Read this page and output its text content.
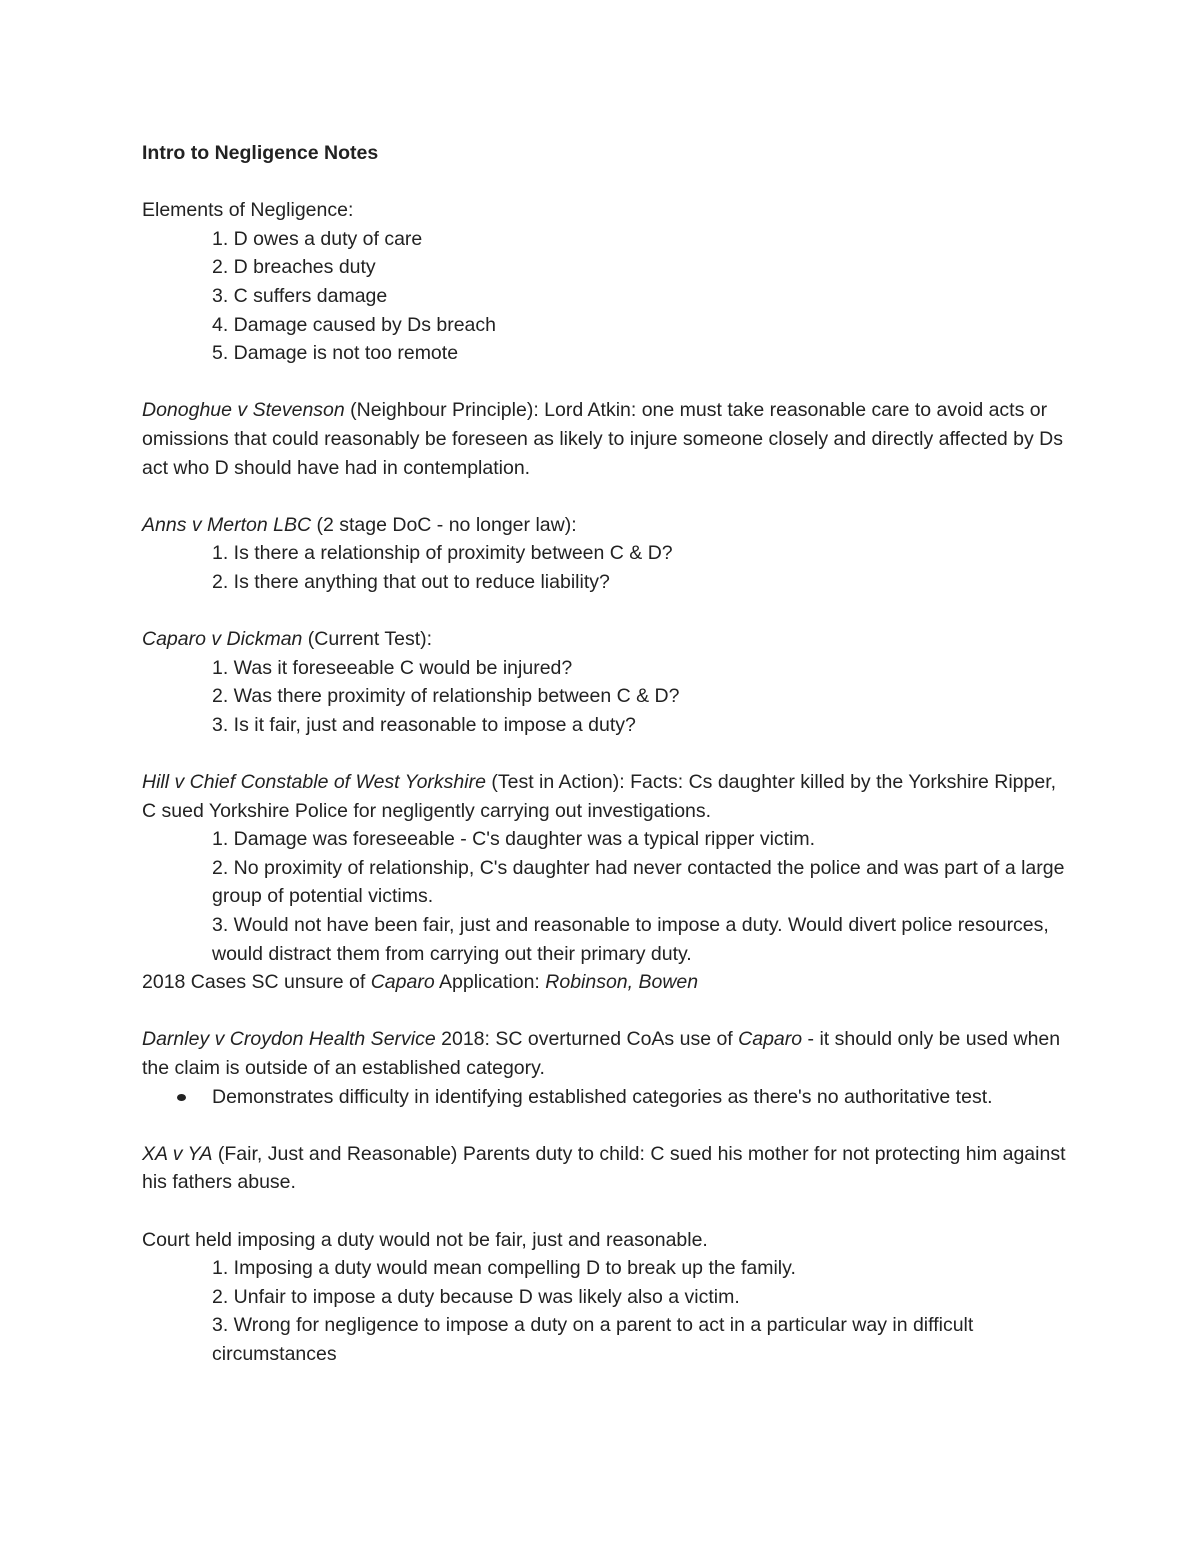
Intro to Negligence Notes

Elements of Negligence:

1. D owes a duty of care
2. D breaches duty
3. C suffers damage
4. Damage caused by Ds breach
5. Damage is not too remote

Donoghue v Stevenson (Neighbour Principle): Lord Atkin: one must take reasonable care to avoid acts or omissions that could reasonably be foreseen as likely to injure someone closely and directly affected by Ds act who D should have had in contemplation.

Anns v Merton LBC (2 stage DoC - no longer law):

1. Is there a relationship of proximity between C & D?
2. Is there anything that out to reduce liability?

Caparo v Dickman (Current Test):

1. Was it foreseeable C would be injured?
2. Was there proximity of relationship between C & D?
3. Is it fair, just and reasonable to impose a duty?

Hill v Chief Constable of West Yorkshire (Test in Action): Facts: Cs daughter killed by the Yorkshire Ripper, C sued Yorkshire Police for negligently carrying out investigations.

1. Damage was foreseeable - C's daughter was a typical ripper victim.
2. No proximity of relationship, C's daughter had never contacted the police and was part of a large group of potential victims.
3. Would not have been fair, just and reasonable to impose a duty. Would divert police resources, would distract them from carrying out their primary duty.

2018 Cases SC unsure of Caparo Application: Robinson, Bowen

Darnley v Croydon Health Service 2018: SC overturned CoAs use of Caparo - it should only be used when the claim is outside of an established category.

Demonstrates difficulty in identifying established categories as there's no authoritative test.

XA v YA (Fair, Just and Reasonable) Parents duty to child: C sued his mother for not protecting him against his fathers abuse.

Court held imposing a duty would not be fair, just and reasonable.

1. Imposing a duty would mean compelling D to break up the family.
2. Unfair to impose a duty because D was likely also a victim.
3. Wrong for negligence to impose a duty on a parent to act in a particular way in difficult circumstances
